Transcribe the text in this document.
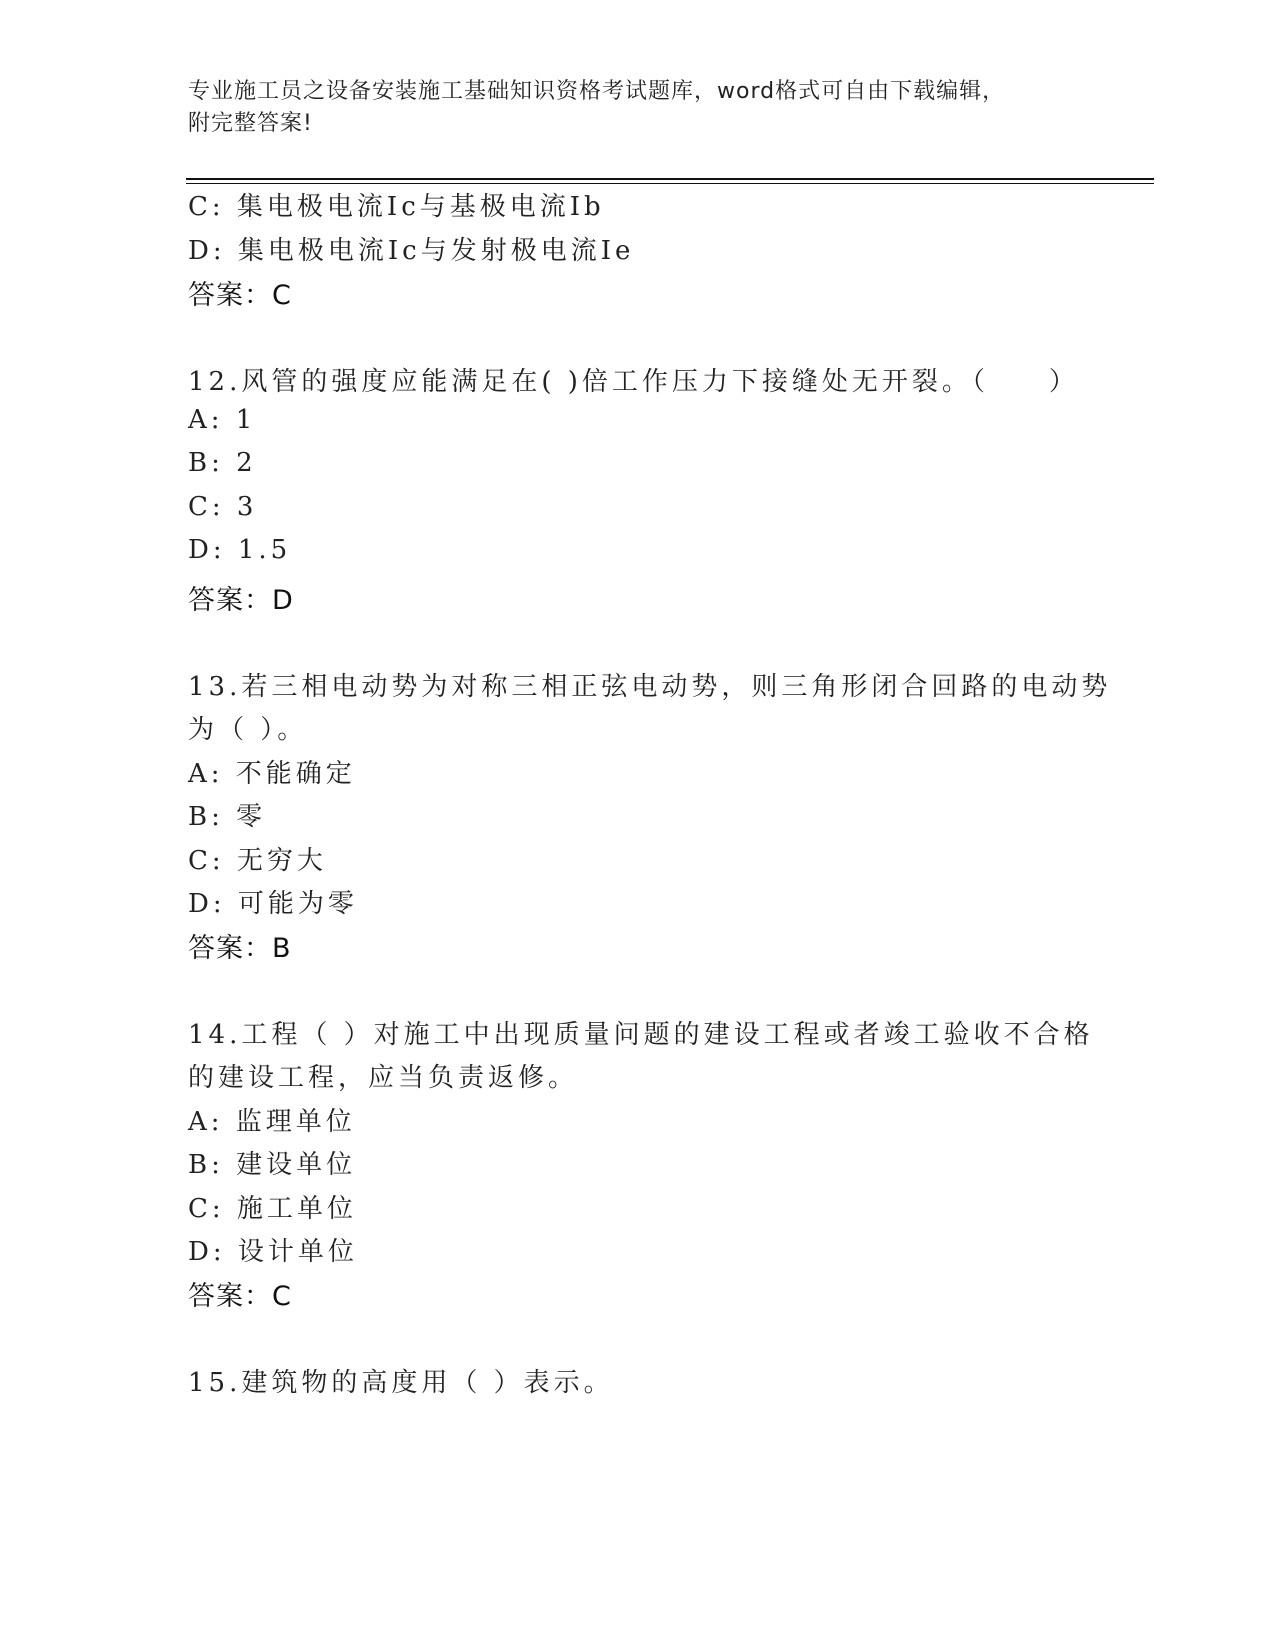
专业施工员之设备安装施工基础知识资格考试题库，word格式可自由下载编辑，
附完整答案!
C: 集电极电流Ic与基极电流Ib
D: 集电极电流Ic与发射极电流Ie
答案：C
12.风管的强度应能满足在( )倍工作压力下接缝处无开裂。（　　）
A: 1
B: 2
C: 3
D: 1.5
答案：D
13.若三相电动势为对称三相正弦电动势，则三角形闭合回路的电动势
为（ ）。
A: 不能确定
B: 零
C: 无穷大
D: 可能为零
答案：B
14.工程（ ）对施工中出现质量问题的建设工程或者竣工验收不合格
的建设工程，应当负责返修。
A: 监理单位
B: 建设单位
C: 施工单位
D: 设计单位
答案：C
15.建筑物的高度用（ ）表示。
